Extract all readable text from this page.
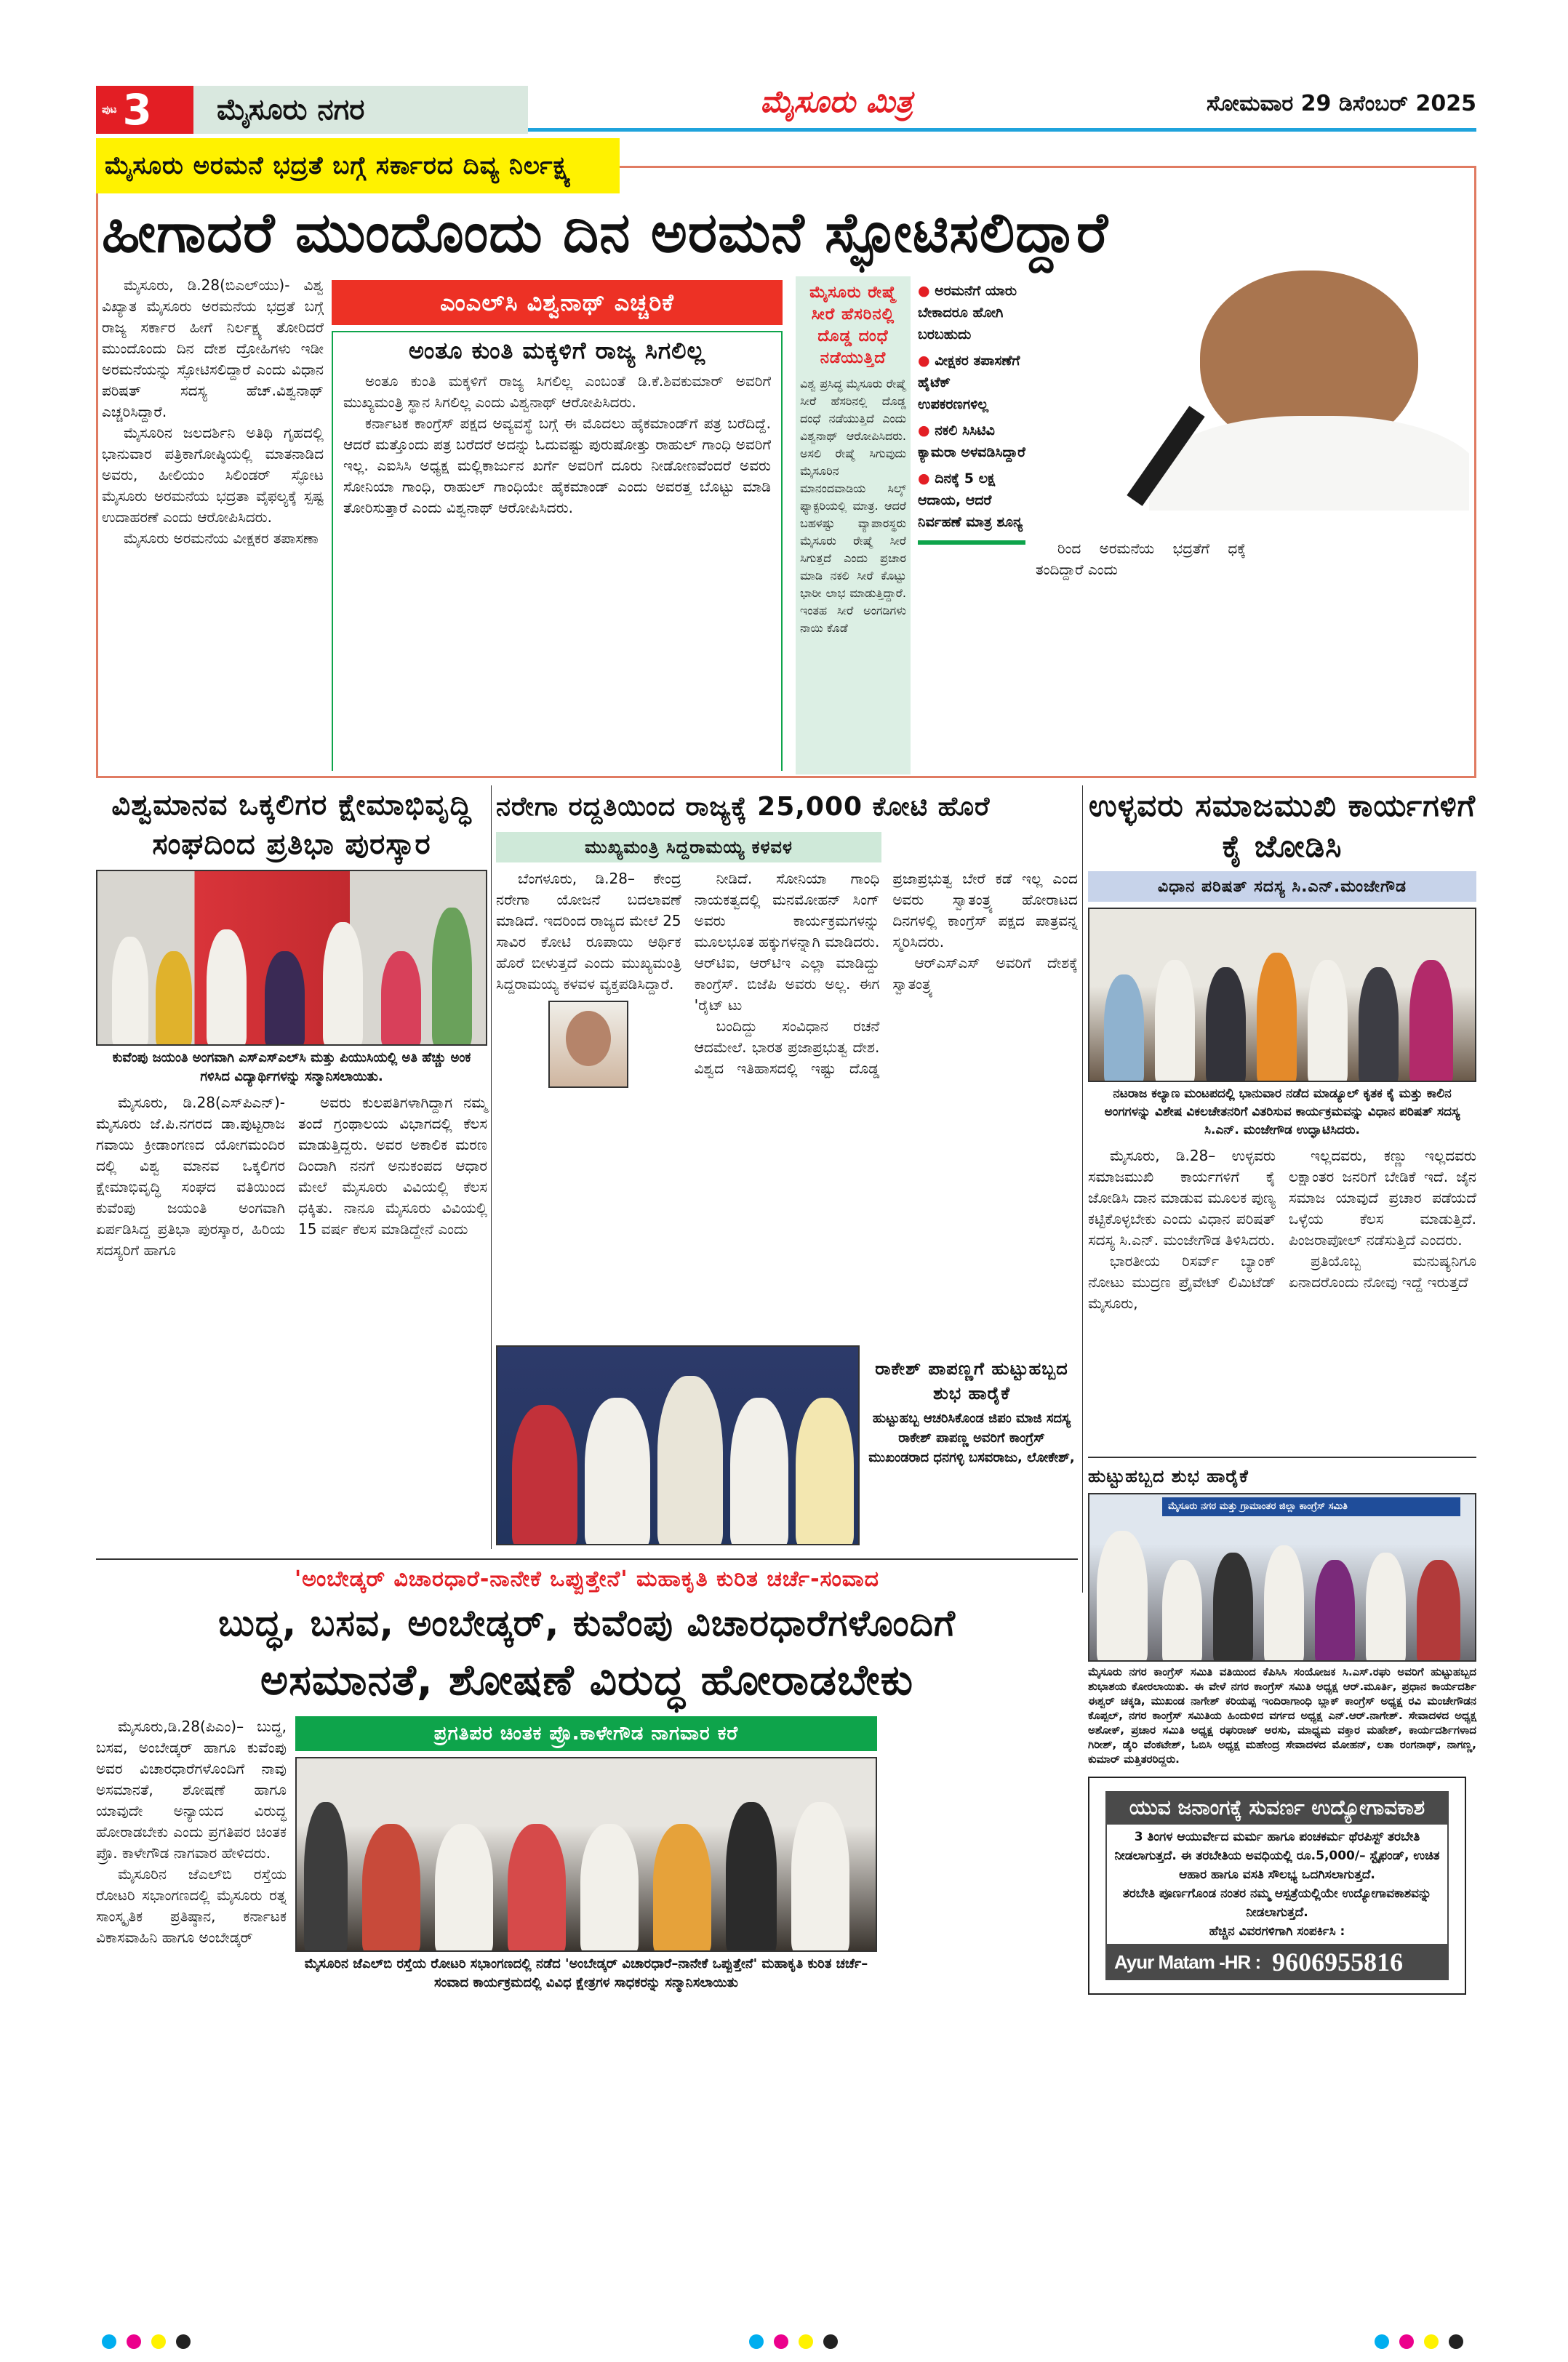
ಪುಟ 3 ಮೈಸೂರು ನಗರ	ಮೈಸೂರು ಮಿತ್ರ	ಸೋಮವಾರ 29 ಡಿಸೆಂಬರ್ 2025
ಮೈಸೂರು ಅರಮನೆ ಭದ್ರತೆ ಬಗ್ಗೆ ಸರ್ಕಾರದ ದಿವ್ಯ ನಿರ್ಲಕ್ಷ್ಯ
ಹೀಗಾದರೆ ಮುಂದೊಂದು ದಿನ ಅರಮನೆ ಸ್ಫೋಟಿಸಲಿದ್ದಾರೆ

ಮೈಸೂರು, ಡಿ.28(ಬಿಎಲ್‌ಯು)- ವಿಶ್ವ ವಿಖ್ಯಾತ ಮೈಸೂರು ಅರಮನೆಯ ಭದ್ರತೆ ಬಗ್ಗೆ ರಾಜ್ಯ ಸರ್ಕಾರ ಹೀಗೆ ನಿರ್ಲಕ್ಷ್ಯ ತೋರಿದರೆ ಮುಂದೊಂದು ದಿನ ದೇಶ ದ್ರೋಹಿಗಳು ಇಡೀ ಅರಮನೆಯನ್ನು ಸ್ಫೋಟಿಸಲಿದ್ದಾರೆ ಎಂದು ವಿಧಾನ ಪರಿಷತ್ ಸದಸ್ಯ ಹೆಚ್.ವಿಶ್ವನಾಥ್ ಎಚ್ಚರಿಸಿದ್ದಾರೆ.

ಮೈಸೂರಿನ ಜಲದರ್ಶಿನಿ ಅತಿಥಿ ಗೃಹದಲ್ಲಿ ಭಾನುವಾರ ಪತ್ರಿಕಾಗೋಷ್ಠಿಯಲ್ಲಿ ಮಾತನಾಡಿದ ಅವರು, ಹೀಲಿಯಂ ಸಿಲಿಂಡರ್ ಸ್ಫೋಟ ಮೈಸೂರು ಅರಮನೆಯ ಭದ್ರತಾ ವೈಫಲ್ಯಕ್ಕೆ ಸ್ಪಷ್ಟ ಉದಾಹರಣೆ ಎಂದು ಆರೋಪಿಸಿದರು.

ಮೈಸೂರು ಅರಮನೆಯ ವೀಕ್ಷಕರ ತಪಾಸಣಾ

ಎಂಎಲ್‌ಸಿ ವಿಶ್ವನಾಥ್ ಎಚ್ಚರಿಕೆ
ಅಂತೂ ಕುಂತಿ ಮಕ್ಕಳಿಗೆ ರಾಜ್ಯ ಸಿಗಲಿಲ್ಲ

ಅಂತೂ ಕುಂತಿ ಮಕ್ಕಳಿಗೆ ರಾಜ್ಯ ಸಿಗಲಿಲ್ಲ ಎಂಬಂತೆ ಡಿ.ಕೆ.ಶಿವಕುಮಾರ್ ಅವರಿಗೆ ಮುಖ್ಯಮಂತ್ರಿ ಸ್ಥಾನ ಸಿಗಲಿಲ್ಲ ಎಂದು ವಿಶ್ವನಾಥ್ ಆರೋಪಿಸಿದರು.

ಕರ್ನಾಟಕ ಕಾಂಗ್ರೆಸ್ ಪಕ್ಷದ ಅವ್ಯವಸ್ಥೆ ಬಗ್ಗೆ ಈ ಮೊದಲು ಹೈಕಮಾಂಡ್‌ಗೆ ಪತ್ರ ಬರೆದಿದ್ದೆ. ಆದರೆ ಮತ್ತೊಂದು ಪತ್ರ ಬರೆದರೆ ಅದನ್ನು ಓದುವಷ್ಟು ಪುರುಷೋತ್ತು ರಾಹುಲ್ ಗಾಂಧಿ ಅವರಿಗೆ ಇಲ್ಲ. ಎಐಸಿಸಿ ಅಧ್ಯಕ್ಷ ಮಲ್ಲಿಕಾರ್ಜುನ ಖರ್ಗೆ ಅವರಿಗೆ ದೂರು ನೀಡೋಣವೆಂದರೆ ಅವರು ಸೋನಿಯಾ ಗಾಂಧಿ, ರಾಹುಲ್ ಗಾಂಧಿಯೇ ಹೈಕಮಾಂಡ್ ಎಂದು ಅವರತ್ತ ಬೊಟ್ಟು ಮಾಡಿ ತೋರಿಸುತ್ತಾರೆ ಎಂದು ವಿಶ್ವನಾಥ್ ಆರೋಪಿಸಿದರು.

ಮೈಸೂರು ರೇಷ್ಮೆ ಸೀರೆ ಹೆಸರಿನಲ್ಲಿ ದೊಡ್ಡ ದಂಧೆ ನಡೆಯುತ್ತಿದೆ
ವಿಶ್ವ ಪ್ರಸಿದ್ಧ ಮೈಸೂರು ರೇಷ್ಮೆ ಸೀರೆ ಹೆಸರಿನಲ್ಲಿ ದೊಡ್ಡ ದಂಧೆ ನಡೆಯುತ್ತಿದೆ ಎಂದು ವಿಶ್ವನಾಥ್ ಆರೋಪಿಸಿದರು. ಅಸಲಿ ರೇಷ್ಮೆ ಸಿಗುವುದು ಮೈಸೂರಿನ ಮಾನಂದವಾಡಿಯ ಸಿಲ್ಕ್ ಫ್ಯಾಕ್ಟರಿಯಲ್ಲಿ ಮಾತ್ರ. ಆದರೆ ಬಹಳಷ್ಟು ವ್ಯಾಪಾರಸ್ಥರು ಮೈಸೂರು ರೇಷ್ಮೆ ಸೀರೆ ಸಿಗುತ್ತದೆ ಎಂದು ಪ್ರಚಾರ ಮಾಡಿ ನಕಲಿ ಸೀರೆ ಕೊಟ್ಟು ಭಾರೀ ಲಾಭ ಮಾಡುತ್ತಿದ್ದಾರೆ. ಇಂತಹ ಸೀರೆ ಅಂಗಡಿಗಳು ನಾಯಿ ಕೊಡೆ
● ಅರಮನೆಗೆ ಯಾರು ಬೇಕಾದರೂ ಹೋಗಿ ಬರಬಹುದು
● ವೀಕ್ಷಕರ ತಪಾಸಣೆಗೆ ಹೈಟೆಕ್ ಉಪಕರಣಗಳಿಲ್ಲ
● ನಕಲಿ ಸಿಸಿಟಿವಿ ಕ್ಯಾಮರಾ ಅಳವಡಿಸಿದ್ದಾರೆ
● ದಿನಕ್ಕೆ 5 ಲಕ್ಷ ಆದಾಯ, ಆದರೆ ನಿರ್ವಹಣೆ ಮಾತ್ರ ಶೂನ್ಯ

ರಿಂದ ಅರಮನೆಯ ಭದ್ರತೆಗೆ ಧಕ್ಕೆ ತಂದಿದ್ದಾರೆ ಎಂದು

ವಿಶ್ವಮಾನವ ಒಕ್ಕಲಿಗರ ಕ್ಷೇಮಾಭಿವೃದ್ಧಿ ಸಂಘದಿಂದ ಪ್ರತಿಭಾ ಪುರಸ್ಕಾರ
ಕುವೆಂಪು ಜಯಂತಿ ಅಂಗವಾಗಿ ಎಸ್‌ಎಸ್‌ಎಲ್‌ಸಿ ಮತ್ತು ಪಿಯುಸಿಯಲ್ಲಿ ಅತಿ ಹೆಚ್ಚು ಅಂಕ ಗಳಿಸಿದ ವಿದ್ಯಾರ್ಥಿಗಳನ್ನು ಸನ್ಮಾನಿಸಲಾಯಿತು.

ಮೈಸೂರು, ಡಿ.28(ಎಸ್‌ಪಿಎನ್)- ಮೈಸೂರು ಜೆ.ಪಿ.ನಗರದ ಡಾ.ಪುಟ್ಟರಾಜ ಗವಾಯಿ ಕ್ರೀಡಾಂಗಣದ ಯೋಗಮಂದಿರ ದಲ್ಲಿ ವಿಶ್ವ ಮಾನವ ಒಕ್ಕಲಿಗರ ಕ್ಷೇಮಾಭಿವೃದ್ಧಿ ಸಂಘದ ವತಿಯಿಂದ ಕುವೆಂಪು ಜಯಂತಿ ಅಂಗವಾಗಿ ಏರ್ಪಡಿಸಿದ್ದ ಪ್ರತಿಭಾ ಪುರಸ್ಕಾರ, ಹಿರಿಯ ಸದಸ್ಯರಿಗೆ ಹಾಗೂ

ಅವರು ಕುಲಪತಿಗಳಾಗಿದ್ದಾಗ ನಮ್ಮ ತಂದೆ ಗ್ರಂಥಾಲಯ ವಿಭಾಗದಲ್ಲಿ ಕೆಲಸ ಮಾಡುತ್ತಿದ್ದರು. ಅವರ ಅಕಾಲಿಕ ಮರಣ ದಿಂದಾಗಿ ನನಗೆ ಅನುಕಂಪದ ಆಧಾರ ಮೇಲೆ ಮೈಸೂರು ವಿವಿಯಲ್ಲಿ ಕೆಲಸ ಧಕ್ಕಿತು. ನಾನೂ ಮೈಸೂರು ವಿವಿಯಲ್ಲಿ 15 ವರ್ಷ ಕೆಲಸ ಮಾಡಿದ್ದೇನೆ ಎಂದು

ನರೇಗಾ ರದ್ದತಿಯಿಂದ ರಾಜ್ಯಕ್ಕೆ 25,000 ಕೋಟಿ ಹೊರೆ
ಮುಖ್ಯಮಂತ್ರಿ ಸಿದ್ದರಾಮಯ್ಯ ಕಳವಳ

ಬೆಂಗಳೂರು, ಡಿ.28– ಕೇಂದ್ರ ನರೇಗಾ ಯೋಜನೆ ಬದಲಾವಣೆ ಮಾಡಿದೆ. ಇದರಿಂದ ರಾಜ್ಯದ ಮೇಲೆ 25 ಸಾವಿರ ಕೋಟಿ ರೂಪಾಯಿ ಆರ್ಥಿಕ ಹೊರೆ ಬೀಳುತ್ತದೆ ಎಂದು ಮುಖ್ಯಮಂತ್ರಿ ಸಿದ್ದರಾಮಯ್ಯ ಕಳವಳ ವ್ಯಕ್ತಪಡಿಸಿದ್ದಾರೆ.

ನೀಡಿದೆ. ಸೋನಿಯಾ ಗಾಂಧಿ ನಾಯಕತ್ವದಲ್ಲಿ ಮನಮೋಹನ್ ಸಿಂಗ್ ಅವರು ಕಾರ್ಯಕ್ರಮಗಳನ್ನು ಮೂಲಭೂತ ಹಕ್ಕುಗಳನ್ನಾಗಿ ಮಾಡಿದರು. ಆರ್‌ಟಿಐ, ಆರ್‌ಟಿಇ ಎಲ್ಲಾ ಮಾಡಿದ್ದು ಕಾಂಗ್ರೆಸ್. ಬಿಜೆಪಿ ಅವರು ಅಲ್ಲ. ಈಗ 'ರೈಟ್ ಟು

ಬಂದಿದ್ದು ಸಂವಿಧಾನ ರಚನೆ ಆದಮೇಲೆ. ಭಾರತ ಪ್ರಜಾಪ್ರಭುತ್ವ ದೇಶ. ವಿಶ್ವದ ಇತಿಹಾಸದಲ್ಲಿ ಇಷ್ಟು ದೊಡ್ಡ ಪ್ರಜಾಪ್ರಭುತ್ವ ಬೇರೆ ಕಡೆ ಇಲ್ಲ ಎಂದ ಅವರು ಸ್ವಾತಂತ್ರ್ಯ ಹೋರಾಟದ ದಿನಗಳಲ್ಲಿ ಕಾಂಗ್ರೆಸ್ ಪಕ್ಷದ ಪಾತ್ರವನ್ನ ಸ್ಮರಿಸಿದರು.

ಆರ್‌ಎಸ್‌ಎಸ್ ಅವರಿಗೆ ದೇಶಕ್ಕೆ ಸ್ವಾತಂತ್ರ್ಯ

ರಾಕೇಶ್ ಪಾಪಣ್ಣಗೆ ಹುಟ್ಟುಹಬ್ಬದ ಶುಭ ಹಾರೈಕೆ
ಹುಟ್ಟುಹಬ್ಬ ಆಚರಿಸಿಕೊಂಡ ಜಿಪಂ ಮಾಜಿ ಸದಸ್ಯ ರಾಕೇಶ್ ಪಾಪಣ್ಣ ಅವರಿಗೆ ಕಾಂಗ್ರೆಸ್ ಮುಖಂಡರಾದ ಧನಗಳ್ಳಿ ಬಸವರಾಜು, ಲೋಕೇಶ್,
ಉಳ್ಳವರು ಸಮಾಜಮುಖಿ ಕಾರ್ಯಗಳಿಗೆ ಕೈ ಜೋಡಿಸಿ
ವಿಧಾನ ಪರಿಷತ್ ಸದಸ್ಯ ಸಿ.ಎನ್.ಮಂಜೇಗೌಡ
ನಟರಾಜ ಕಲ್ಯಾಣ ಮಂಟಪದಲ್ಲಿ ಭಾನುವಾರ ನಡೆದ ಮಾಡ್ಯೂಲ್ ಕೃತಕ ಕೈ ಮತ್ತು ಕಾಲಿನ ಅಂಗಗಳನ್ನು ವಿಶೇಷ ವಿಕಲಚೇತನರಿಗೆ ವಿತರಿಸುವ ಕಾರ್ಯಕ್ರಮವನ್ನು ವಿಧಾನ ಪರಿಷತ್ ಸದಸ್ಯ ಸಿ.ಎನ್. ಮಂಜೇಗೌಡ ಉದ್ಘಾಟಿಸಿದರು.

ಮೈಸೂರು, ಡಿ.28– ಉಳ್ಳವರು ಸಮಾಜಮುಖಿ ಕಾರ್ಯಗಳಿಗೆ ಕೈ ಜೋಡಿಸಿ ದಾನ ಮಾಡುವ ಮೂಲಕ ಪುಣ್ಯ ಕಟ್ಟಿಕೊಳ್ಳಬೇಕು ಎಂದು ವಿಧಾನ ಪರಿಷತ್ ಸದಸ್ಯ ಸಿ.ಎನ್. ಮಂಜೇಗೌಡ ತಿಳಿಸಿದರು.

ಭಾರತೀಯ ರಿಸರ್ವ್ ಬ್ಯಾಂಕ್ ನೋಟು ಮುದ್ರಣ ಪ್ರೈವೇಟ್ ಲಿಮಿಟೆಡ್ ಮೈಸೂರು,

ಇಲ್ಲದವರು, ಕಣ್ಣು ಇಲ್ಲದವರು ಲಕ್ಷಾಂತರ ಜನರಿಗೆ ಬೇಡಿಕೆ ಇದೆ. ಜೈನ ಸಮಾಜ ಯಾವುದೆ ಪ್ರಚಾರ ಪಡೆಯದೆ ಒಳ್ಳೆಯ ಕೆಲಸ ಮಾಡುತ್ತಿದೆ. ಪಿಂಜರಾಪೋಲ್ ನಡೆಸುತ್ತಿದೆ ಎಂದರು.

ಪ್ರತಿಯೊಬ್ಬ ಮನುಷ್ಯನಿಗೂ ಏನಾದರೊಂದು ನೋವು ಇದ್ದೆ ಇರುತ್ತದೆ

ಹುಟ್ಟುಹಬ್ಬದ ಶುಭ ಹಾರೈಕೆ
ಮೈಸೂರು ನಗರ ಮತ್ತು ಗ್ರಾಮಾಂತರ ಜಿಲ್ಲಾ ಕಾಂಗ್ರೆಸ್ ಸಮಿತಿ
ಮೈಸೂರು ನಗರ ಕಾಂಗ್ರೆಸ್ ಸಮಿತಿ ವತಿಯಿಂದ ಕೆಪಿಸಿಸಿ ಸಂಯೋಜಕ ಸಿ.ಎಸ್.ರಘು ಅವರಿಗೆ ಹುಟ್ಟುಹಬ್ಬದ ಶುಭಾಶಯ ಕೋರಲಾಯಿತು. ಈ ವೇಳೆ ನಗರ ಕಾಂಗ್ರೆಸ್ ಸಮಿತಿ ಅಧ್ಯಕ್ಷ ಆರ್.ಮೂರ್ತಿ, ಪ್ರಧಾನ ಕಾರ್ಯದರ್ಶಿ ಈಶ್ವರ್ ಚಕ್ಕಡಿ, ಮುಖಂಡ ನಾಗೇಶ್ ಕರಿಯಪ್ಪ ಇಂದಿರಾಗಾಂಧಿ ಬ್ಲಾಕ್ ಕಾಂಗ್ರೆಸ್ ಅಧ್ಯಕ್ಷ ರವಿ ಮಂಚೇಗೌಡನ ಕೊಪ್ಪಲ್, ನಗರ ಕಾಂಗ್ರೆಸ್ ಸಮಿತಿಯ ಹಿಂದುಳಿದ ವರ್ಗದ ಅಧ್ಯಕ್ಷ ಎನ್.ಆರ್.ನಾಗೇಶ್. ಸೇವಾದಳದ ಅಧ್ಯಕ್ಷ ಅಶೋಕ್, ಪ್ರಚಾರ ಸಮಿತಿ ಅಧ್ಯಕ್ಷ ರಘುರಾಜ್ ಅರಸು, ಮಾಧ್ಯಮ ವಕ್ತಾರ ಮಹೇಶ್, ಕಾರ್ಯದರ್ಶಿಗಳಾದ ಗಿರೀಶ್, ಡೈರಿ ವೆಂಕಟೇಶ್, ಓಬಿಸಿ ಅಧ್ಯಕ್ಷ ಮಹೇಂದ್ರ ಸೇವಾದಳದ ಮೋಹನ್, ಲತಾ ರಂಗನಾಥ್, ನಾಗಣ್ಣ, ಕುಮಾರ್ ಮತ್ತಿತರರಿದ್ದರು.
ಯುವ ಜನಾಂಗಕ್ಕೆ ಸುವರ್ಣ ಉದ್ಯೋಗಾವಕಾಶ
3 ತಿಂಗಳ ಆಯುರ್ವೇದ ಮರ್ಮ ಹಾಗೂ ಪಂಚಕರ್ಮ ಥೆರಪಿಸ್ಟ್ ತರಬೇತಿ ನೀಡಲಾಗುತ್ತದೆ. ಈ ತರಬೇತಿಯ ಅವಧಿಯಲ್ಲಿ ರೂ.5,000/– ಸ್ಟೈಫಂಡ್, ಉಚಿತ ಆಹಾರ ಹಾಗೂ ವಸತಿ ಸೌಲಭ್ಯ ಒದಗಿಸಲಾಗುತ್ತದೆ.
ತರಬೇತಿ ಪೂರ್ಣಗೊಂಡ ನಂತರ ನಮ್ಮ ಆಸ್ಪತ್ರೆಯಲ್ಲಿಯೇ ಉದ್ಯೋಗಾವಕಾಶವನ್ನು ನೀಡಲಾಗುತ್ತದೆ.
ಹೆಚ್ಚಿನ ವಿವರಗಳಿಗಾಗಿ ಸಂಪರ್ಕಿಸಿ :
Ayur Matam -HR : 9606955816
'ಅಂಬೇಡ್ಕರ್ ವಿಚಾರಧಾರೆ-ನಾನೇಕೆ ಒಪ್ಪುತ್ತೇನೆ' ಮಹಾಕೃತಿ ಕುರಿತ ಚರ್ಚೆ-ಸಂವಾದ
ಬುದ್ಧ, ಬಸವ, ಅಂಬೇಡ್ಕರ್, ಕುವೆಂಪು ವಿಚಾರಧಾರೆಗಳೊಂದಿಗೆ
ಅಸಮಾನತೆ, ಶೋಷಣೆ ವಿರುದ್ಧ ಹೋರಾಡಬೇಕು

ಮೈಸೂರು,ಡಿ.28(ಪಿಎಂ)– ಬುದ್ಧ, ಬಸವ, ಅಂಬೇಡ್ಕರ್ ಹಾಗೂ ಕುವೆಂಪು ಅವರ ವಿಚಾರಧಾರೆಗಳೊಂದಿಗೆ ನಾವು ಅಸಮಾನತೆ, ಶೋಷಣೆ ಹಾಗೂ ಯಾವುದೇ ಅನ್ಯಾಯದ ವಿರುದ್ಧ ಹೋರಾಡಬೇಕು ಎಂದು ಪ್ರಗತಿಪರ ಚಿಂತಕ ಪ್ರೊ. ಕಾಳೇಗೌಡ ನಾಗವಾರ ಹೇಳಿದರು.

ಮೈಸೂರಿನ ಜೆಎಲ್‌ಬಿ ರಸ್ತೆಯ ರೋಟರಿ ಸಭಾಂಗಣದಲ್ಲಿ ಮೈಸೂರು ರತ್ನ ಸಾಂಸ್ಕೃತಿಕ ಪ್ರತಿಷ್ಠಾನ, ಕರ್ನಾಟಕ ವಿಕಾಸವಾಹಿನಿ ಹಾಗೂ ಅಂಬೇಡ್ಕರ್

ಪ್ರಗತಿಪರ ಚಿಂತಕ ಪ್ರೊ.ಕಾಳೇಗೌಡ ನಾಗವಾರ ಕರೆ
ಮೈಸೂರಿನ ಜೆಎಲ್‌ಬಿ ರಸ್ತೆಯ ರೋಟರಿ ಸಭಾಂಗಣದಲ್ಲಿ ನಡೆದ 'ಅಂಬೇಡ್ಕರ್ ವಿಚಾರಧಾರೆ–ನಾನೇಕೆ ಒಪ್ಪುತ್ತೇನೆ' ಮಹಾಕೃತಿ ಕುರಿತ ಚರ್ಚೆ–ಸಂವಾದ ಕಾರ್ಯಕ್ರಮದಲ್ಲಿ ವಿವಿಧ ಕ್ಷೇತ್ರಗಳ ಸಾಧಕರನ್ನು ಸನ್ಮಾನಿಸಲಾಯಿತು
